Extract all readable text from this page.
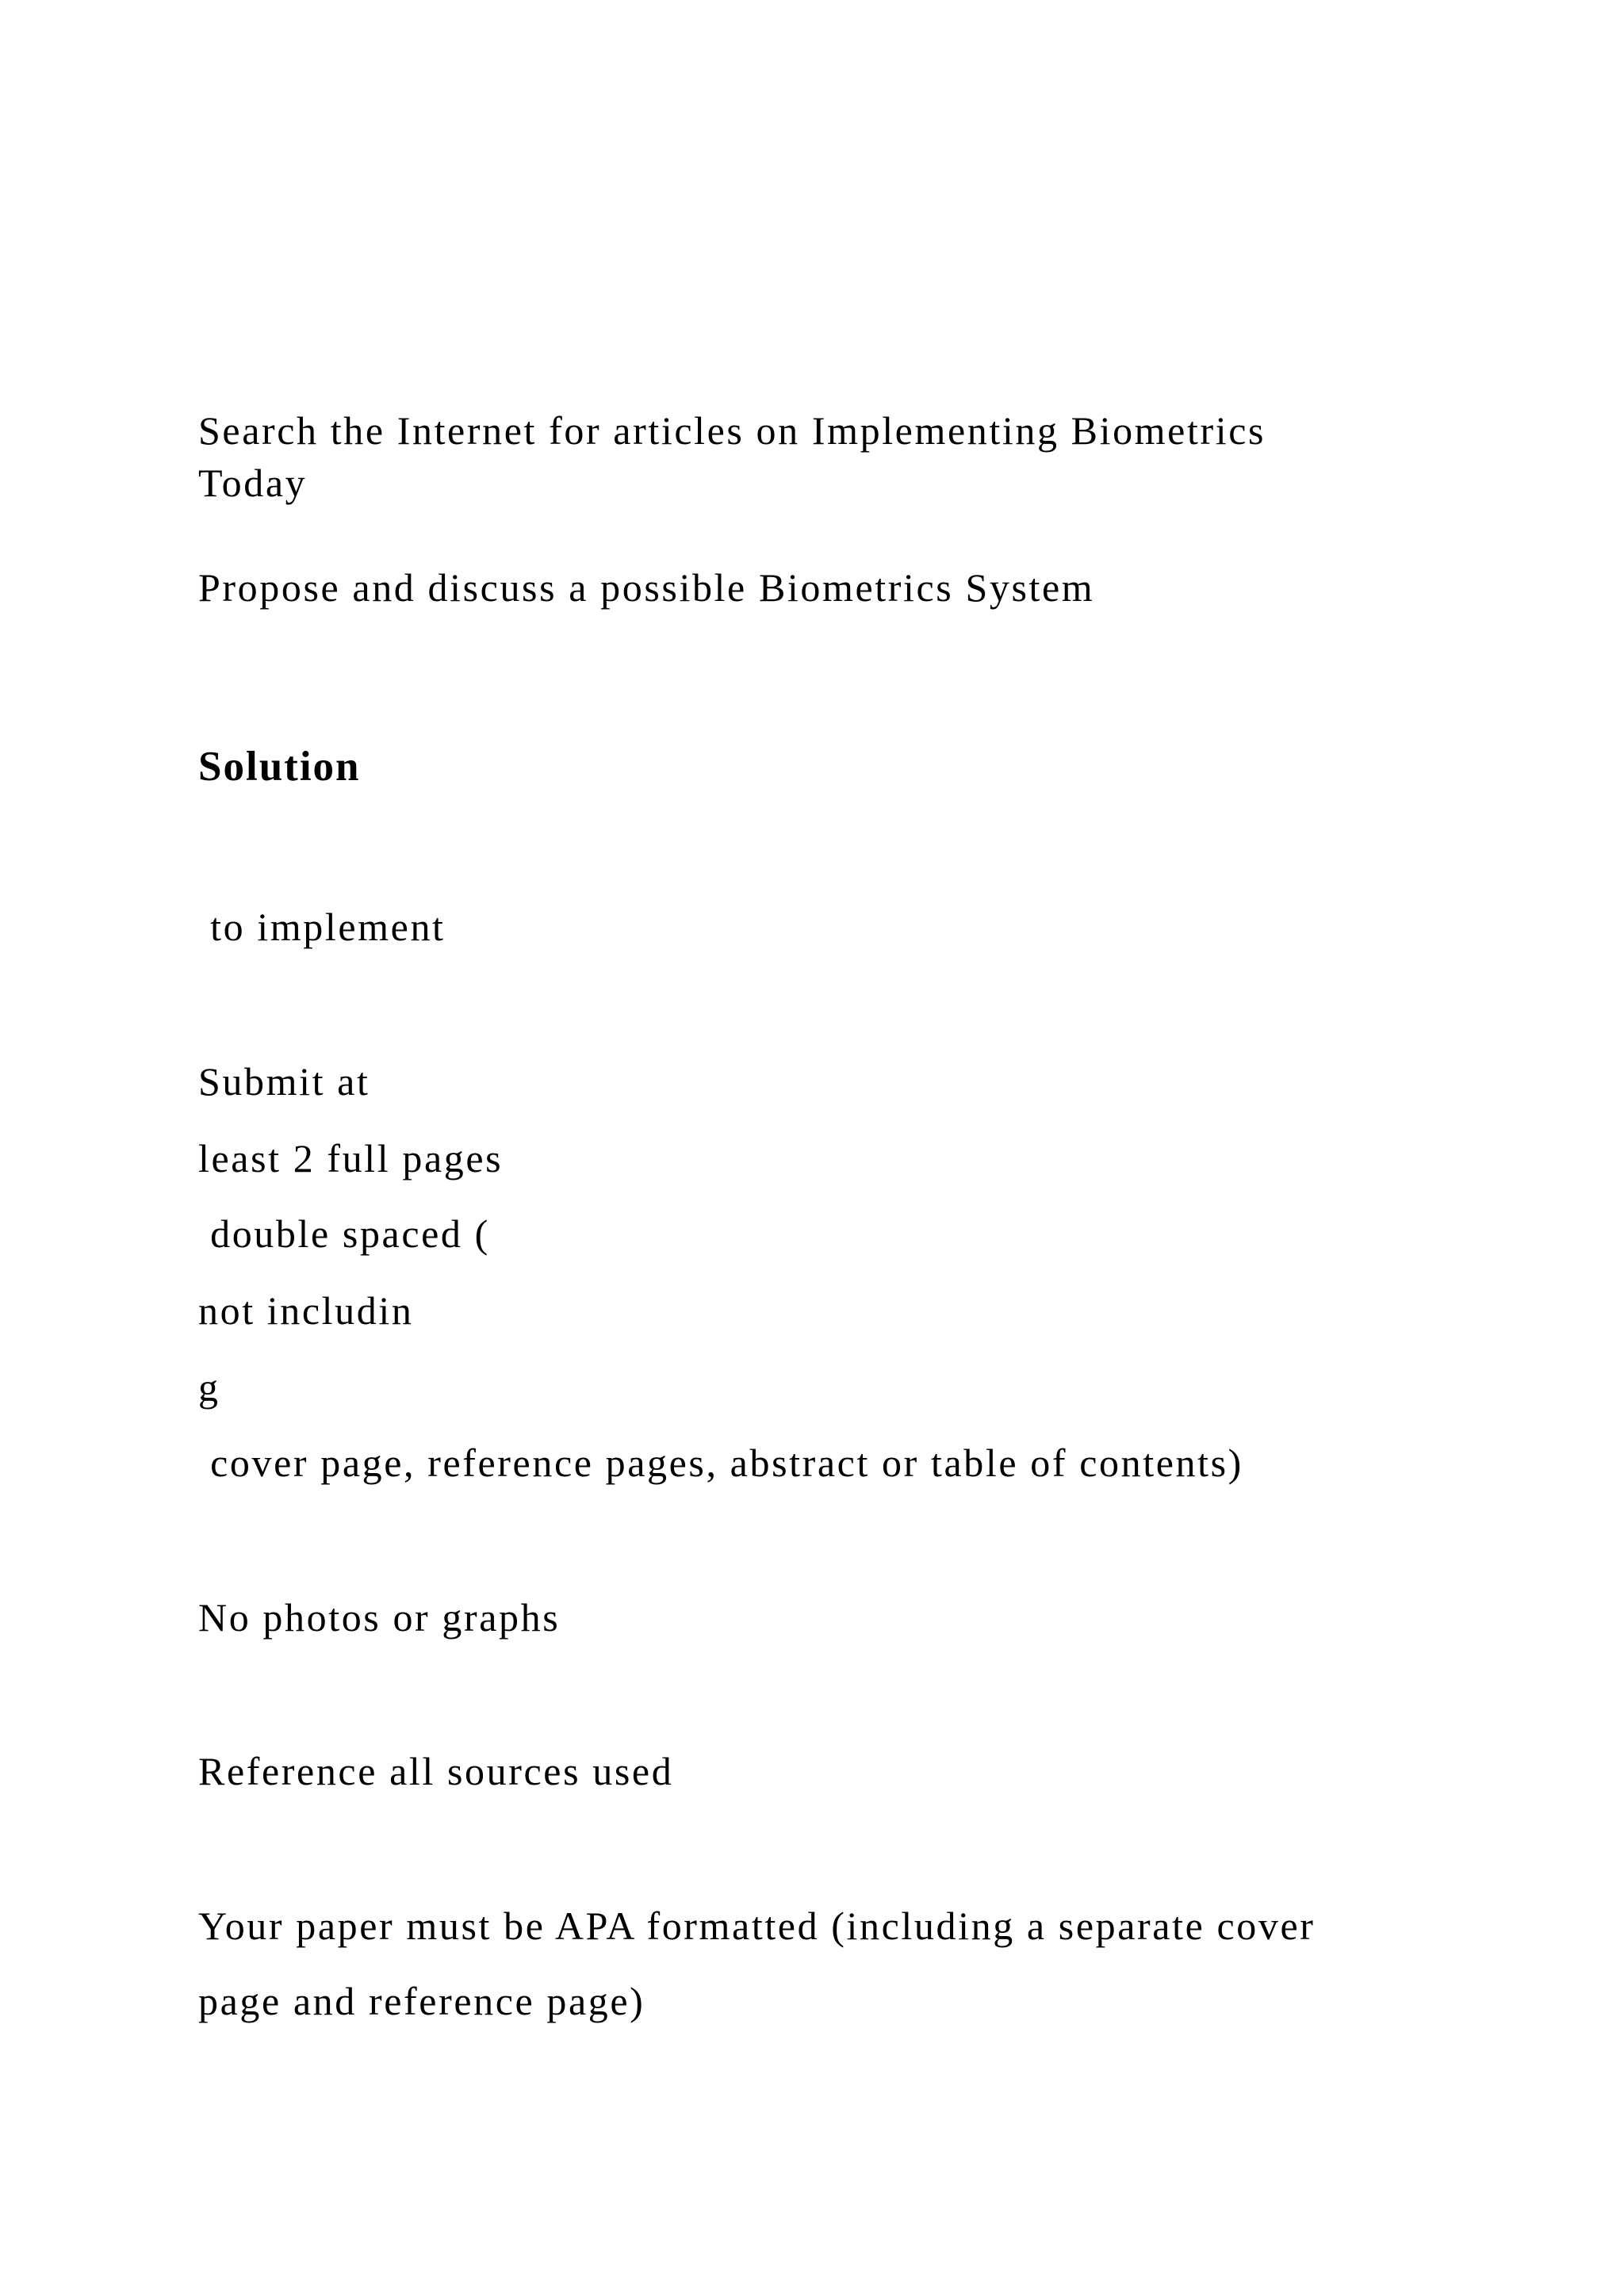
Search the Internet for articles on Implementing Biometrics

Today

Propose and discuss a possible Biometrics System

Solution

to implement

Submit at

least 2 full pages

double spaced (

not includin

g

cover page, reference pages, abstract or table of contents)

No photos or graphs

Reference all sources used

Your paper must be APA formatted (including a separate cover

page and reference page)
